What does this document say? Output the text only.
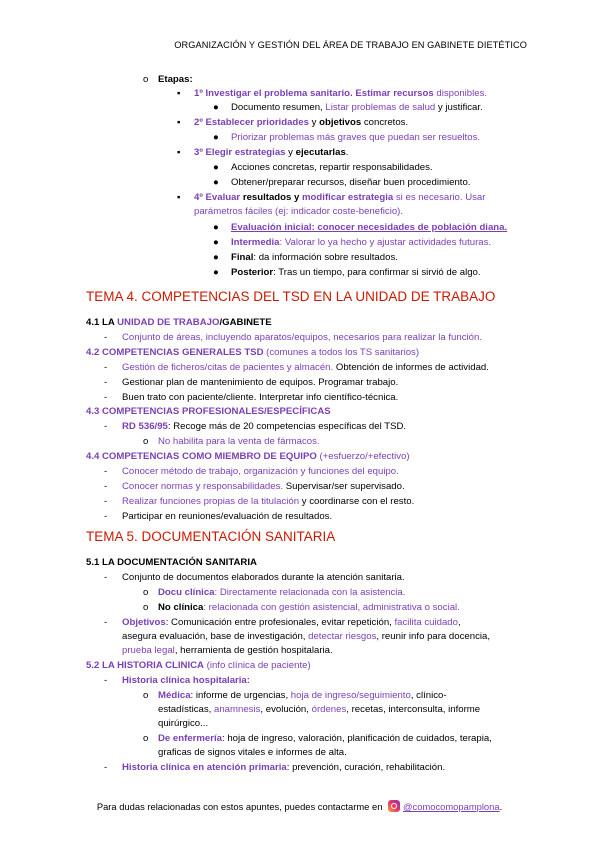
ORGANIZACIÓN Y GESTIÓN DEL ÁREA DE TRABAJO EN GABINETE DIETÉTICO
o Etapas:
▪ 1º Investigar el problema sanitario. Estimar recursos disponibles.
● Documento resumen, Listar problemas de salud y justificar.
▪ 2º Establecer prioridades y objetivos concretos.
● Priorizar problemas más graves que puedan ser resueltos.
▪ 3º Elegir estrategias y ejecutarlas.
● Acciones concretas, repartir responsabilidades.
● Obtener/preparar recursos, diseñar buen procedimiento.
▪ 4º Evaluar resultados y modificar estrategia si es necesario. Usar
parámetros fáciles (ej: indicador coste-beneficio).
● Evaluación inicial: conocer necesidades de población diana.
● Intermedia: Valorar lo ya hecho y ajustar actividades futuras.
● Final: da información sobre resultados.
● Posterior: Tras un tiempo, para confirmar si sirvió de algo.
TEMA 4. COMPETENCIAS DEL TSD EN LA UNIDAD DE TRABAJO
4.1 LA UNIDAD DE TRABAJO/GABINETE
- Conjunto de áreas, incluyendo aparatos/equipos, necesarios para realizar la función.
4.2 COMPETENCIAS GENERALES TSD (comunes a todos los TS sanitarios)
- Gestión de ficheros/citas de pacientes y almacén. Obtención de informes de actividad.
- Gestionar plan de mantenimiento de equipos. Programar trabajo.
- Buen trato con paciente/cliente. Interpretar info científico-técnica.
4.3 COMPETENCIAS PROFESIONALES/ESPECÍFICAS
- RD 536/95: Recoge más de 20 competencias específicas del TSD.
o No habilita para la venta de fármacos.
4.4 COMPETENCIAS COMO MIEMBRO DE EQUIPO (+esfuerzo/+efectivo)
- Conocer método de trabajo, organización y funciones del equipo.
- Conocer normas y responsabilidades. Supervisar/ser supervisado.
- Realizar funciones propias de la titulación y coordinarse con el resto.
- Participar en reuniones/evaluación de resultados.
TEMA 5. DOCUMENTACIÓN SANITARIA
5.1 LA DOCUMENTACIÓN SANITARIA
- Conjunto de documentos elaborados durante la atención sanitaria.
o Docu clínica: Directamente relacionada con la asistencia.
o No clínica: relacionada con gestión asistencial, administrativa o social.
- Objetivos: Comunicación entre profesionales, evitar repetición, facilita cuidado,
asegura evaluación, base de investigación, detectar riesgos, reunir info para docencia,
prueba legal, herramienta de gestión hospitalaria.
5.2 LA HISTORIA CLINICA (info clínica de paciente)
- Historia clínica hospitalaria:
o Médica: informe de urgencias, hoja de ingreso/seguimiento, clínico-
estadísticas, anamnesis, evolución, órdenes, recetas, interconsulta, informe
quirúrgico...
o De enfermería: hoja de ingreso, valoración, planificación de cuidados, terapia,
graficas de signos vitales e informes de alta.
- Historia clínica en atención primaria: prevención, curación, rehabilitación.
Para dudas relacionadas con estos apuntes, puedes contactarme en @comocomopamplona.
